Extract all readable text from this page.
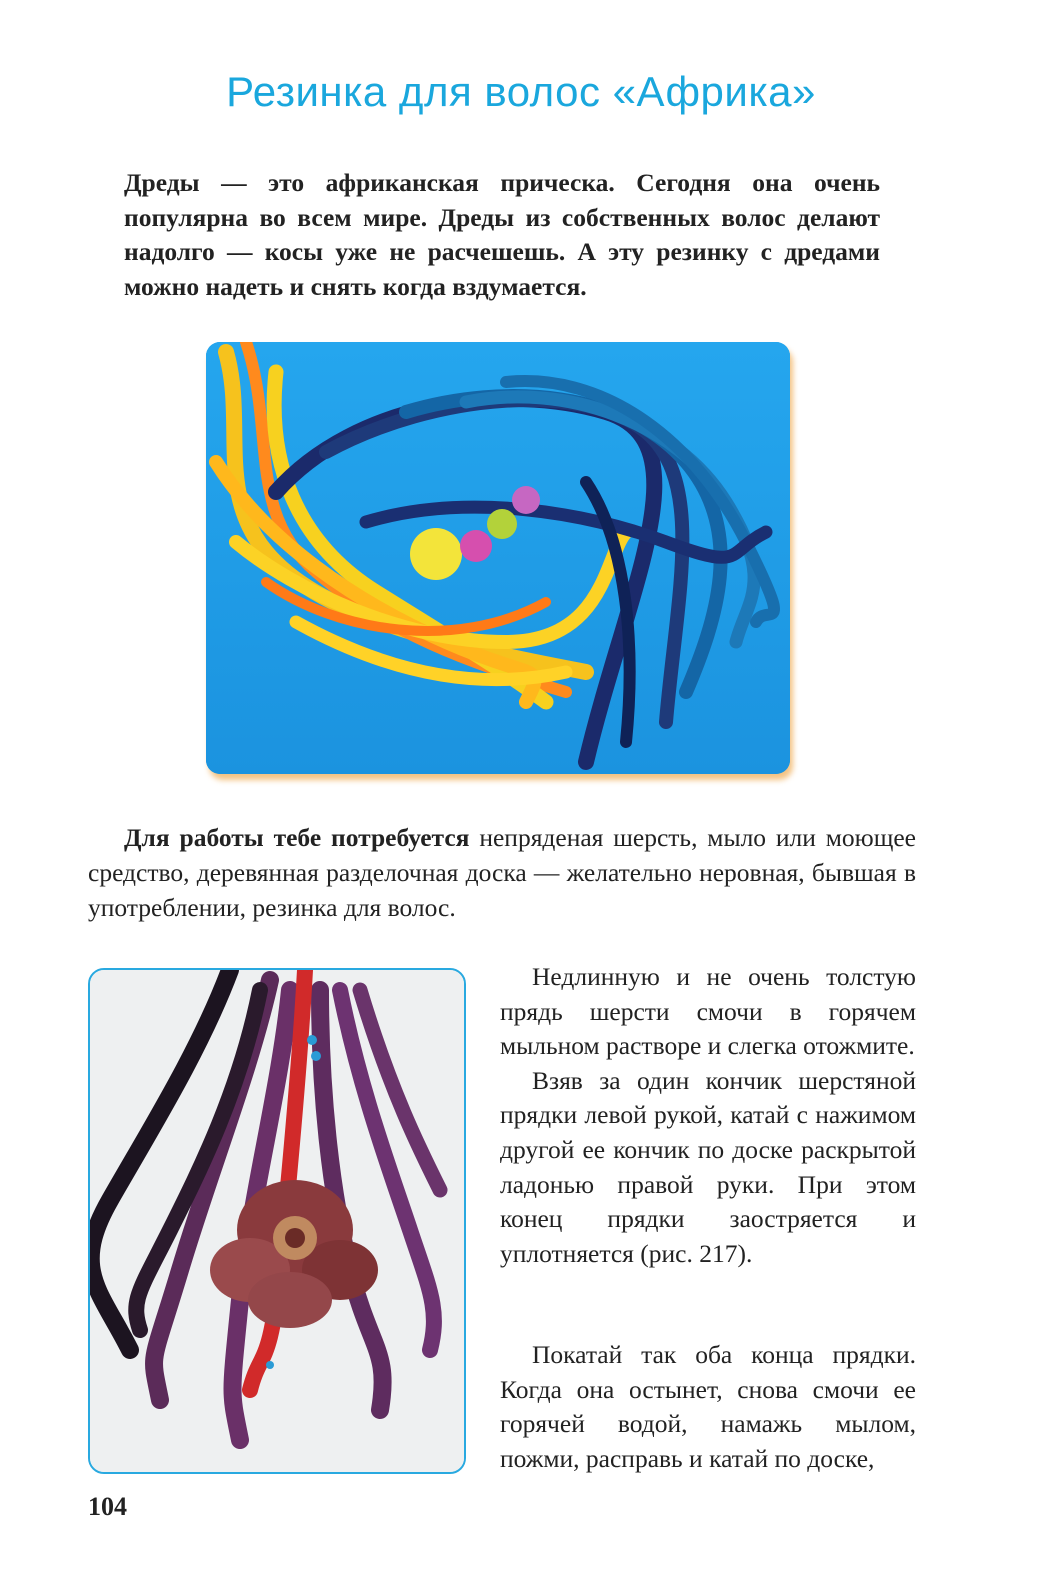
Резинка для волос «Африка»
Дреды — это африканская прическа. Сегодня она очень популярна во всем мире. Дреды из собственных волос делают надолго — косы уже не расчешешь. А эту резинку с дредами можно надеть и снять когда вздумается.
Для работы тебе потребуется непряденая шерсть, мыло или моющее средство, деревянная разделочная доска — желательно неровная, бывшая в употреблении, резинка для волос.

Недлинную и не очень толстую прядь шерсти смочи в горячем мыльном растворе и слегка отожмите.

Взяв за один кончик шерстяной прядки левой рукой, катай с нажимом другой ее кончик по доске раскрытой ладонью правой руки. При этом конец прядки заостряется и уплотняется (рис. 217).

Покатай так оба конца прядки. Когда она остынет, снова смочи ее горячей водой, намажь мылом, пожми, расправь и катай по доске,

104
